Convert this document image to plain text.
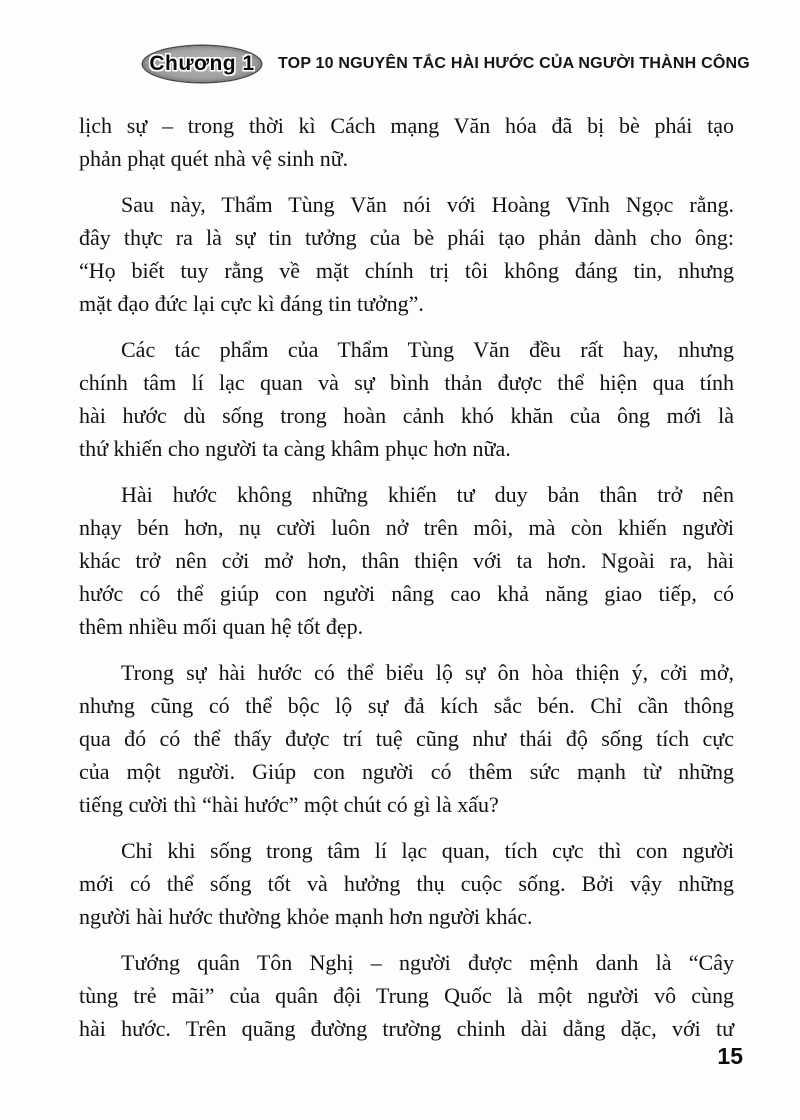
Chương 1 TOP 10 NGUYÊN TẮC HÀI HƯỚC CỦA NGƯỜI THÀNH CÔNG
lịch sự – trong thời kì Cách mạng Văn hóa đã bị bè phái tạo
phản phạt quét nhà vệ sinh nữ.
Sau này, Thẩm Tùng Văn nói với Hoàng Vĩnh Ngọc rằng.
đây thực ra là sự tin tưởng của bè phái tạo phản dành cho ông:
“Họ biết tuy rằng về mặt chính trị tôi không đáng tin, nhưng
mặt đạo đức lại cực kì đáng tin tưởng”.
Các tác phẩm của Thẩm Tùng Văn đều rất hay, nhưng
chính tâm lí lạc quan và sự bình thản được thể hiện qua tính
hài hước dù sống trong hoàn cảnh khó khăn của ông mới là
thứ khiến cho người ta càng khâm phục hơn nữa.
Hài hước không những khiến tư duy bản thân trở nên
nhạy bén hơn, nụ cười luôn nở trên môi, mà còn khiến người
khác trở nên cởi mở hơn, thân thiện với ta hơn. Ngoài ra, hài
hước có thể giúp con người nâng cao khả năng giao tiếp, có
thêm nhiều mối quan hệ tốt đẹp.
Trong sự hài hước có thể biểu lộ sự ôn hòa thiện ý, cởi mở,
nhưng cũng có thể bộc lộ sự đả kích sắc bén. Chỉ cần thông
qua đó có thể thấy được trí tuệ cũng như thái độ sống tích cực
của một người. Giúp con người có thêm sức mạnh từ những
tiếng cười thì “hài hước” một chút có gì là xấu?
Chỉ khi sống trong tâm lí lạc quan, tích cực thì con người
mới có thể sống tốt và hưởng thụ cuộc sống. Bởi vậy những
người hài hước thường khỏe mạnh hơn người khác.
Tướng quân Tôn Nghị – người được mệnh danh là “Cây
tùng trẻ mãi” của quân đội Trung Quốc là một người vô cùng
hài hước. Trên quãng đường trường chinh dài dằng dặc, với tư
15
